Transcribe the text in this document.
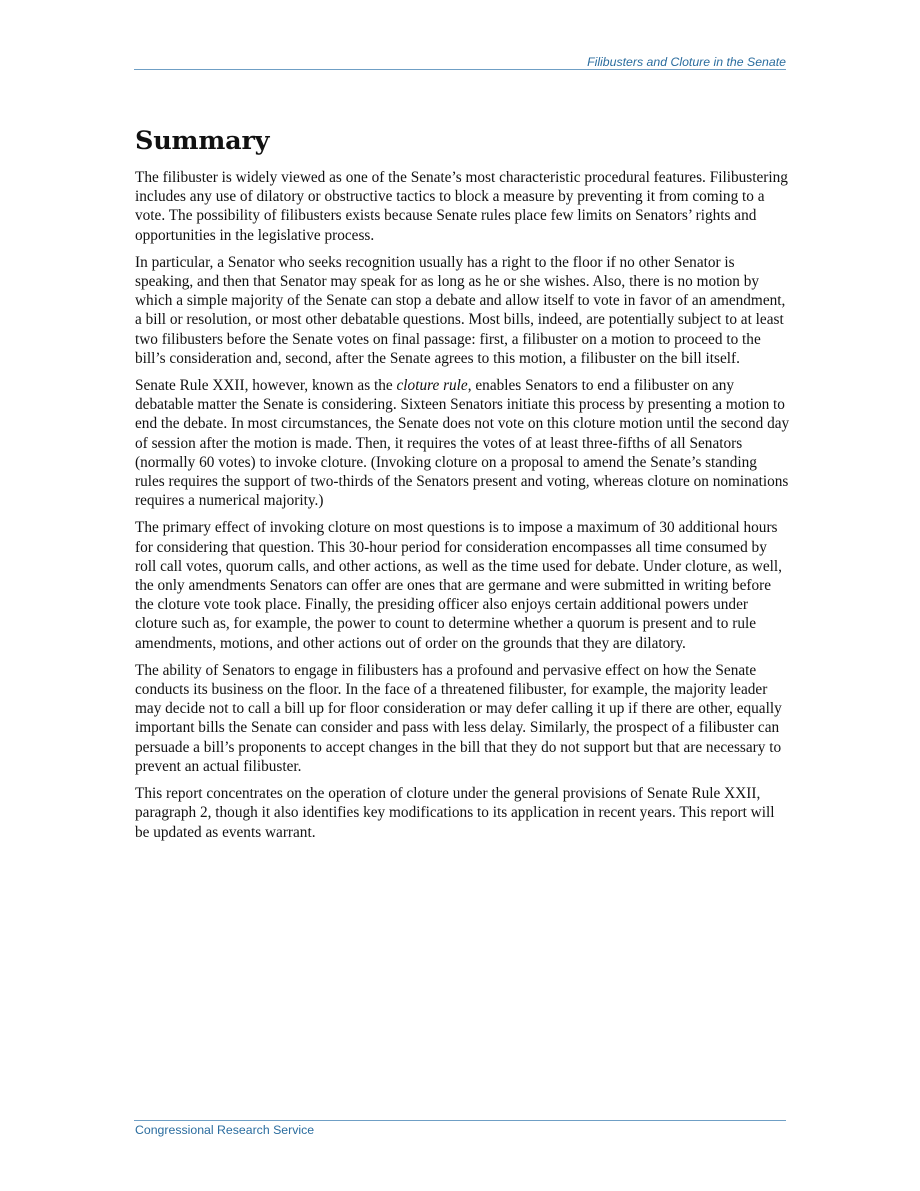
Filibusters and Cloture in the Senate
Summary

The filibuster is widely viewed as one of the Senate’s most characteristic procedural features. Filibustering includes any use of dilatory or obstructive tactics to block a measure by preventing it from coming to a vote. The possibility of filibusters exists because Senate rules place few limits on Senators’ rights and opportunities in the legislative process.

In particular, a Senator who seeks recognition usually has a right to the floor if no other Senator is speaking, and then that Senator may speak for as long as he or she wishes. Also, there is no motion by which a simple majority of the Senate can stop a debate and allow itself to vote in favor of an amendment, a bill or resolution, or most other debatable questions. Most bills, indeed, are potentially subject to at least two filibusters before the Senate votes on final passage: first, a filibuster on a motion to proceed to the bill’s consideration and, second, after the Senate agrees to this motion, a filibuster on the bill itself.

Senate Rule XXII, however, known as the cloture rule, enables Senators to end a filibuster on any debatable matter the Senate is considering. Sixteen Senators initiate this process by presenting a motion to end the debate. In most circumstances, the Senate does not vote on this cloture motion until the second day of session after the motion is made. Then, it requires the votes of at least three-fifths of all Senators (normally 60 votes) to invoke cloture. (Invoking cloture on a proposal to amend the Senate’s standing rules requires the support of two-thirds of the Senators present and voting, whereas cloture on nominations requires a numerical majority.)

The primary effect of invoking cloture on most questions is to impose a maximum of 30 additional hours for considering that question. This 30-hour period for consideration encompasses all time consumed by roll call votes, quorum calls, and other actions, as well as the time used for debate. Under cloture, as well, the only amendments Senators can offer are ones that are germane and were submitted in writing before the cloture vote took place. Finally, the presiding officer also enjoys certain additional powers under cloture such as, for example, the power to count to determine whether a quorum is present and to rule amendments, motions, and other actions out of order on the grounds that they are dilatory.

The ability of Senators to engage in filibusters has a profound and pervasive effect on how the Senate conducts its business on the floor. In the face of a threatened filibuster, for example, the majority leader may decide not to call a bill up for floor consideration or may defer calling it up if there are other, equally important bills the Senate can consider and pass with less delay. Similarly, the prospect of a filibuster can persuade a bill’s proponents to accept changes in the bill that they do not support but that are necessary to prevent an actual filibuster.

This report concentrates on the operation of cloture under the general provisions of Senate Rule XXII, paragraph 2, though it also identifies key modifications to its application in recent years. This report will be updated as events warrant.

Congressional Research Service
